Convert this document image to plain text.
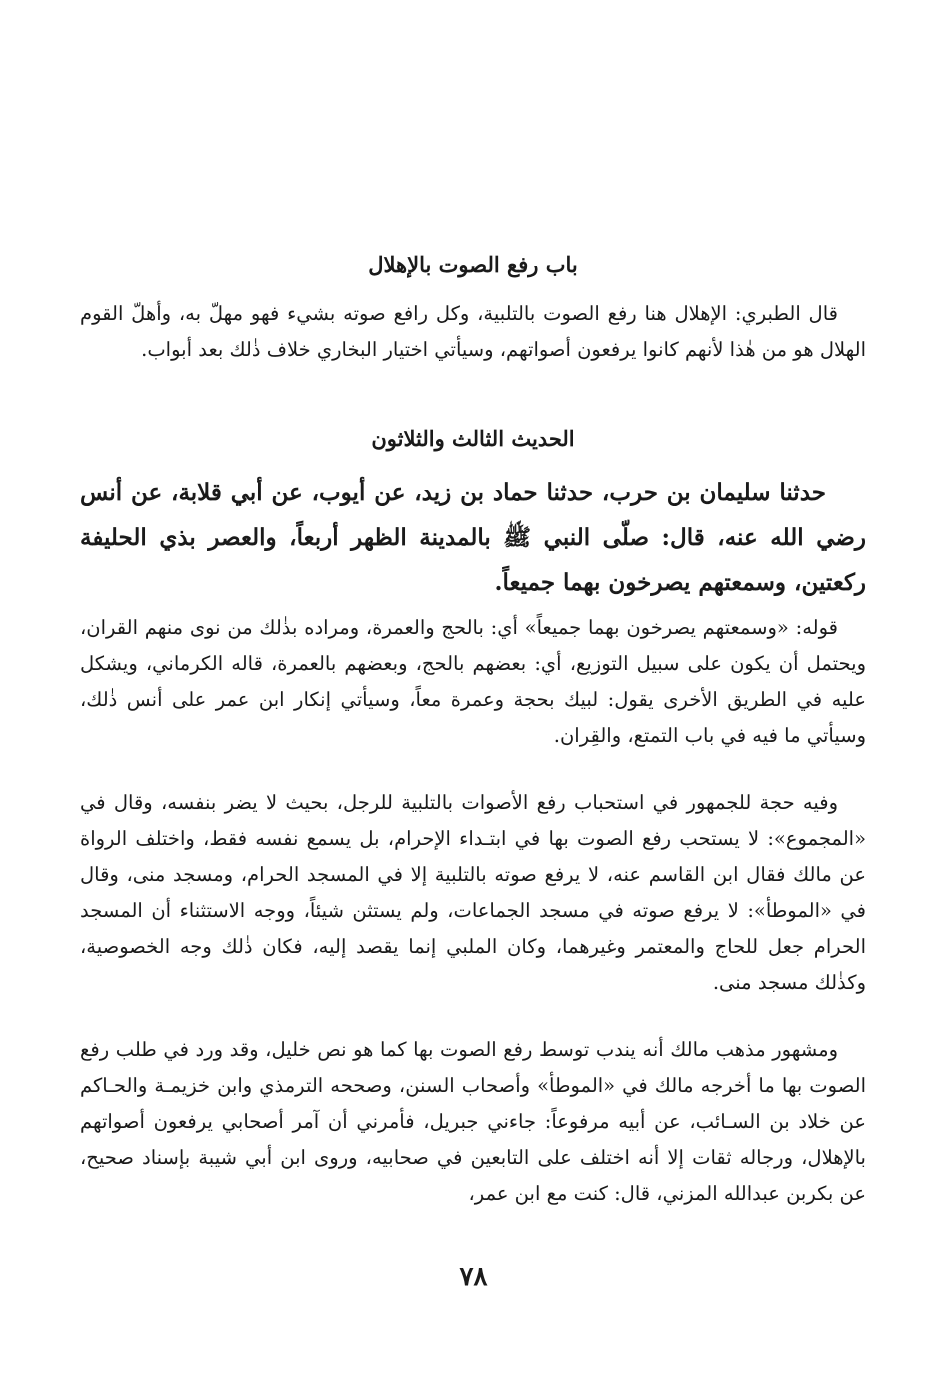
باب رفع الصوت بالإهلال

قال الطبري: الإهلال هنا رفع الصوت بالتلبية، وكل رافع صوته بشيء فهو مهلّ به، وأهلّ القوم الهلال هو من هٰذا لأنهم كانوا يرفعون أصواتهم، وسيأتي اختيار البخاري خلاف ذٰلك بعد أبواب.

الحديث الثالث والثلاثون

حدثنا سليمان بن حرب، حدثنا حماد بن زيد، عن أيوب، عن أبي قلابة، عن أنس رضي الله عنه، قال: صلّى النبي ﷺ بالمدينة الظهر أربعاً، والعصر بذي الحليفة ركعتين، وسمعتهم يصرخون بهما جميعاً.

قوله: «وسمعتهم يصرخون بهما جميعاً» أي: بالحج والعمرة، ومراده بذٰلك من نوى منهم القران، ويحتمل أن يكون على سبيل التوزيع، أي: بعضهم بالحج، وبعضهم بالعمرة، قاله الكرماني، ويشكل عليه في الطريق الأخرى يقول: لبيك بحجة وعمرة معاً، وسيأتي إنكار ابن عمر على أنس ذٰلك، وسيأتي ما فيه في باب التمتع، والقِران.

وفيه حجة للجمهور في استحباب رفع الأصوات بالتلبية للرجل، بحيث لا يضر بنفسه، وقال في «المجموع»: لا يستحب رفع الصوت بها في ابتـداء الإحرام، بل يسمع نفسه فقط، واختلف الرواة عن مالك فقال ابن القاسم عنه، لا يرفع صوته بالتلبية إلا في المسجد الحرام، ومسجد منى، وقال في «الموطأ»: لا يرفع صوته في مسجد الجماعات، ولم يستثن شيئاً، ووجه الاستثناء أن المسجد الحرام جعل للحاج والمعتمر وغيرهما، وكان الملبي إنما يقصد إليه، فكان ذٰلك وجه الخصوصية، وكذٰلك مسجد منى.

ومشهور مذهب مالك أنه يندب توسط رفع الصوت بها كما هو نص خليل، وقد ورد في طلب رفع الصوت بها ما أخرجه مالك في «الموطأ» وأصحاب السنن، وصححه الترمذي وابن خزيمـة والحـاكم عن خلاد بن السـائب، عن أبيه مرفوعاً: جاءني جبريل، فأمرني أن آمر أصحابي يرفعون أصواتهم بالإهلال، ورجاله ثقات إلا أنه اختلف على التابعين في صحابيه، وروى ابن أبي شيبة بإسناد صحيح، عن بكربن عبدالله المزني، قال: كنت مع ابن عمر،

٧٨
